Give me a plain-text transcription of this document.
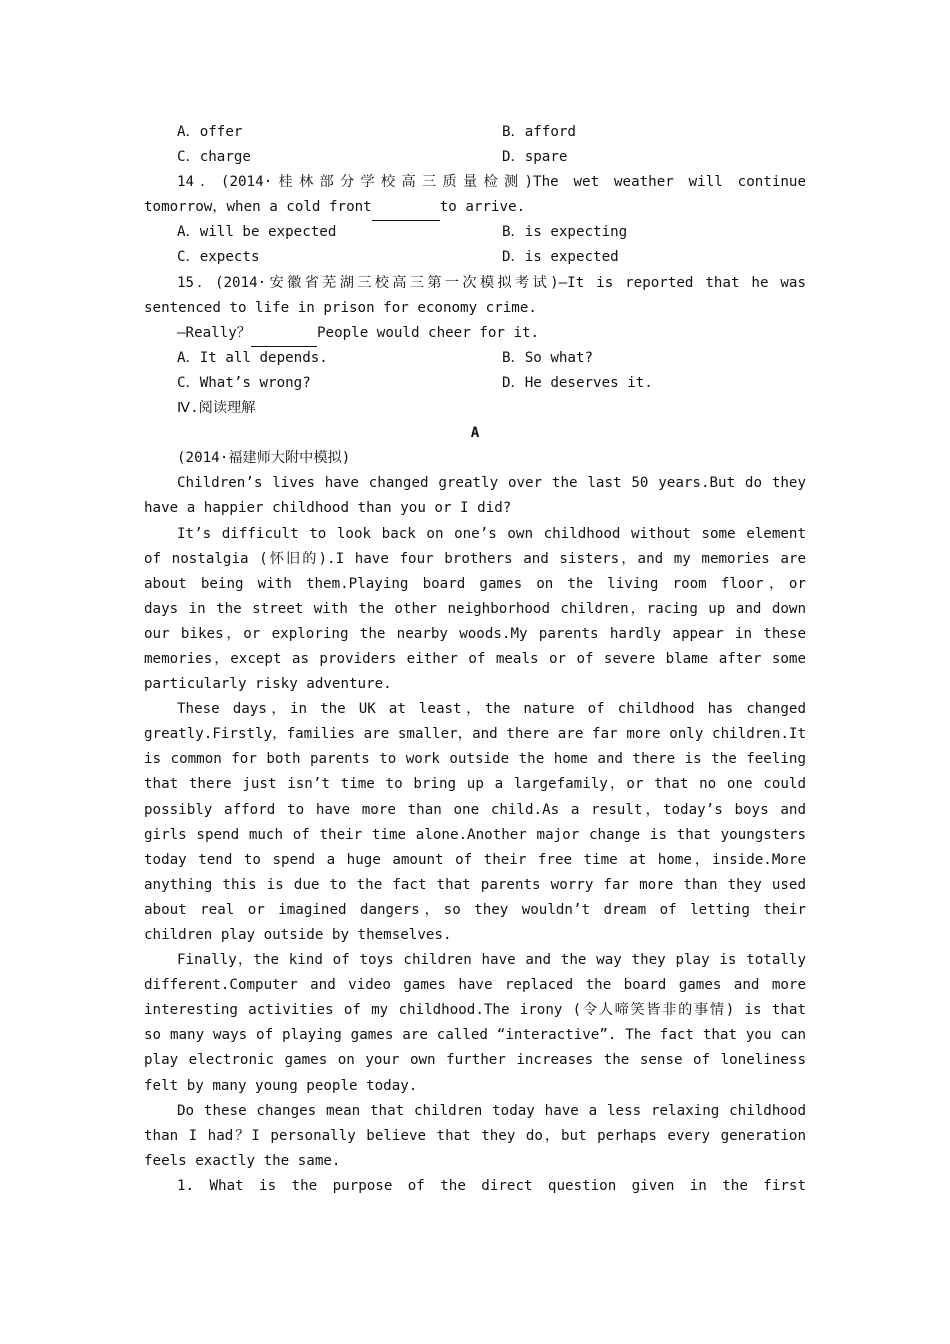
A．offer	B．afford
C．charge	D．spare
14．(2014·桂林部分学校高三质量检测)The wet weather will continue
tomorrow，when a cold front	to arrive.
A．will be expected	B．is expecting
C．expects	D．is expected
15．(2014·安徽省芜湖三校高三第一次模拟考试)—It is reported that he was
sentenced to life in prison for economy crime.
—Really？	People would cheer for it.
A．It all depends.	B．So what?
C．What’s wrong?	D．He deserves it.
Ⅳ.阅读理解
A
(2014·福建师大附中模拟)
Children’s lives have changed greatly over the last 50 years.But do they
have a happier childhood than you or I did?
It’s difficult to look back on one’s own childhood without some element
of nostalgia (怀旧的).I have four brothers and sisters，and my memories are
about being with them.Playing board games on the living room floor，or
days in the street with the other neighborhood children，racing up and down
our bikes，or exploring the nearby woods.My parents hardly appear in these
memories，except as providers either of meals or of severe blame after some
particularly risky adventure.
These days，in the UK at least，the nature of childhood has changed
greatly.Firstly，families are smaller，and there are far more only children.It
is common for both parents to work outside the home and there is the feeling
that there just isn’t time to bring up a largefamily，or that no one could
possibly afford to have more than one child.As a result，today’s boys and
girls spend much of their time alone.Another major change is that youngsters
today tend to spend a huge amount of their free time at home，inside.More
anything this is due to the fact that parents worry far more than they used
about real or imagined dangers，so they wouldn’t dream of letting their
children play outside by themselves.
Finally，the kind of toys children have and the way they play is totally
different.Computer and video games have replaced the board games and more
interesting activities of my childhood.The irony (令人啼笑皆非的事情) is that
so many ways of playing games are called “interactive”. The fact that you can
play electronic games on your own further increases the sense of loneliness
felt by many young people today.
Do these changes mean that children today have a less relaxing childhood
than I had？I personally believe that they do，but perhaps every generation
feels exactly the same.
1. What is the purpose of the direct question given in the first
